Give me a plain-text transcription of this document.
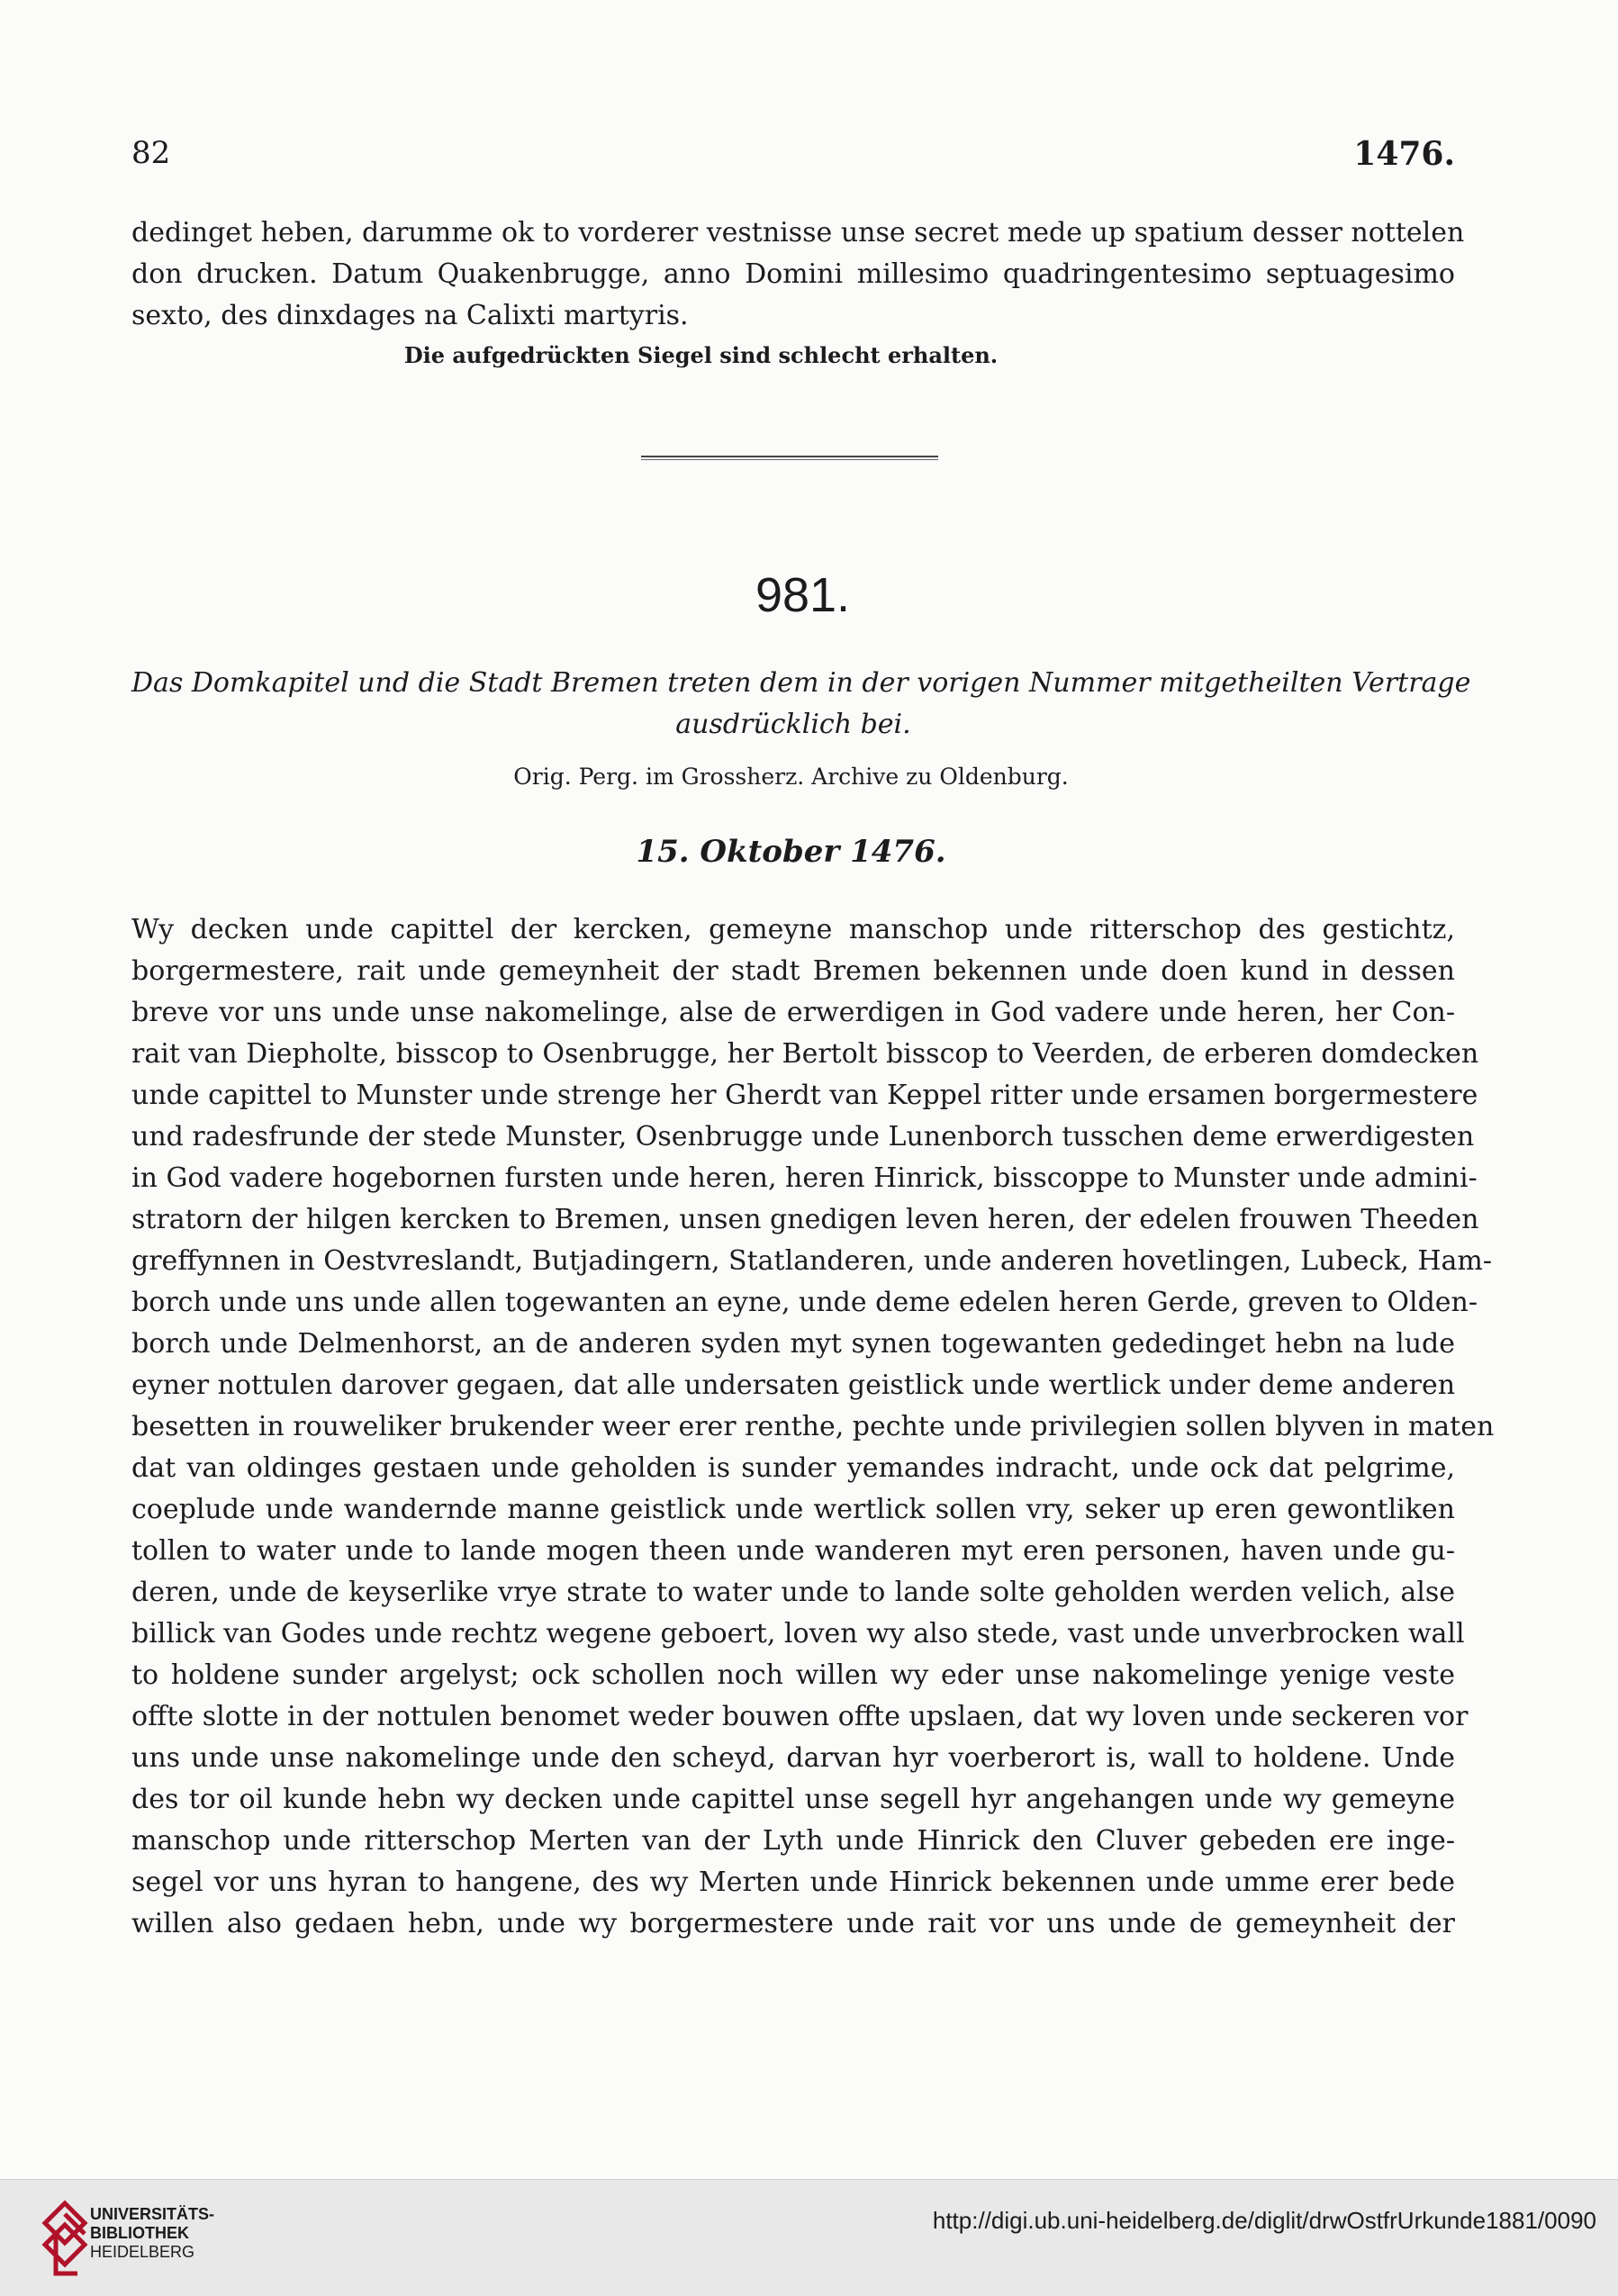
82	1476.
dedinget heben, darumme ok to vorderer vestnisse unse secret mede up spatium desser nottelen
don drucken. Datum Quakenbrugge, anno Domini millesimo quadringentesimo septuagesimo
sexto, des dinxdages na Calixti martyris.
Die aufgedrückten Siegel sind schlecht erhalten.
981.
Das Domkapitel und die Stadt Bremen treten dem in der vorigen Nummer mitgetheilten Vertrage
ausdrücklich bei.
Orig. Perg. im Grossherz. Archive zu Oldenburg.
15. Oktober 1476.
Wy decken unde capittel der kercken, gemeyne manschop unde ritterschop des gestichtz,
borgermestere, rait unde gemeynheit der stadt Bremen bekennen unde doen kund in dessen
breve vor uns unde unse nakomelinge, alse de erwerdigen in God vadere unde heren, her Con-
rait van Diepholte, bisscop to Osenbrugge, her Bertolt bisscop to Veerden, de erberen domdecken
unde capittel to Munster unde strenge her Gherdt van Keppel ritter unde ersamen borgermestere
und radesfrunde der stede Munster, Osenbrugge unde Lunenborch tusschen deme erwerdigesten
in God vadere hogebornen fursten unde heren, heren Hinrick, bisscoppe to Munster unde admini-
stratorn der hilgen kercken to Bremen, unsen gnedigen leven heren, der edelen frouwen Theeden
greffynnen in Oestvreslandt, Butjadingern, Statlanderen, unde anderen hovetlingen, Lubeck, Ham-
borch unde uns unde allen togewanten an eyne, unde deme edelen heren Gerde, greven to Olden-
borch unde Delmenhorst, an de anderen syden myt synen togewanten gededinget hebn na lude
eyner nottulen darover gegaen, dat alle undersaten geistlick unde wertlick under deme anderen
besetten in rouweliker brukender weer erer renthe, pechte unde privilegien sollen blyven in maten
dat van oldinges gestaen unde geholden is sunder yemandes indracht, unde ock dat pelgrime,
coeplude unde wandernde manne geistlick unde wertlick sollen vry, seker up eren gewontliken
tollen to water unde to lande mogen theen unde wanderen myt eren personen, haven unde gu-
deren, unde de keyserlike vrye strate to water unde to lande solte geholden werden velich, alse
billick van Godes unde rechtz wegene geboert, loven wy also stede, vast unde unverbrocken wall
to holdene sunder argelyst; ock schollen noch willen wy eder unse nakomelinge yenige veste
offte slotte in der nottulen benomet weder bouwen offte upslaen, dat wy loven unde seckeren vor
uns unde unse nakomelinge unde den scheyd, darvan hyr voerberort is, wall to holdene. Unde
des tor oil kunde hebn wy decken unde capittel unse segell hyr angehangen unde wy gemeyne
manschop unde ritterschop Merten van der Lyth unde Hinrick den Cluver gebeden ere inge-
segel vor uns hyran to hangene, des wy Merten unde Hinrick bekennen unde umme erer bede
willen also gedaen hebn, unde wy borgermestere unde rait vor uns unde de gemeynheit der
UNIVERSITÄTS-
BIBLIOTHEK
HEIDELBERG
http://digi.ub.uni-heidelberg.de/diglit/drwOstfrUrkunde1881/0090
